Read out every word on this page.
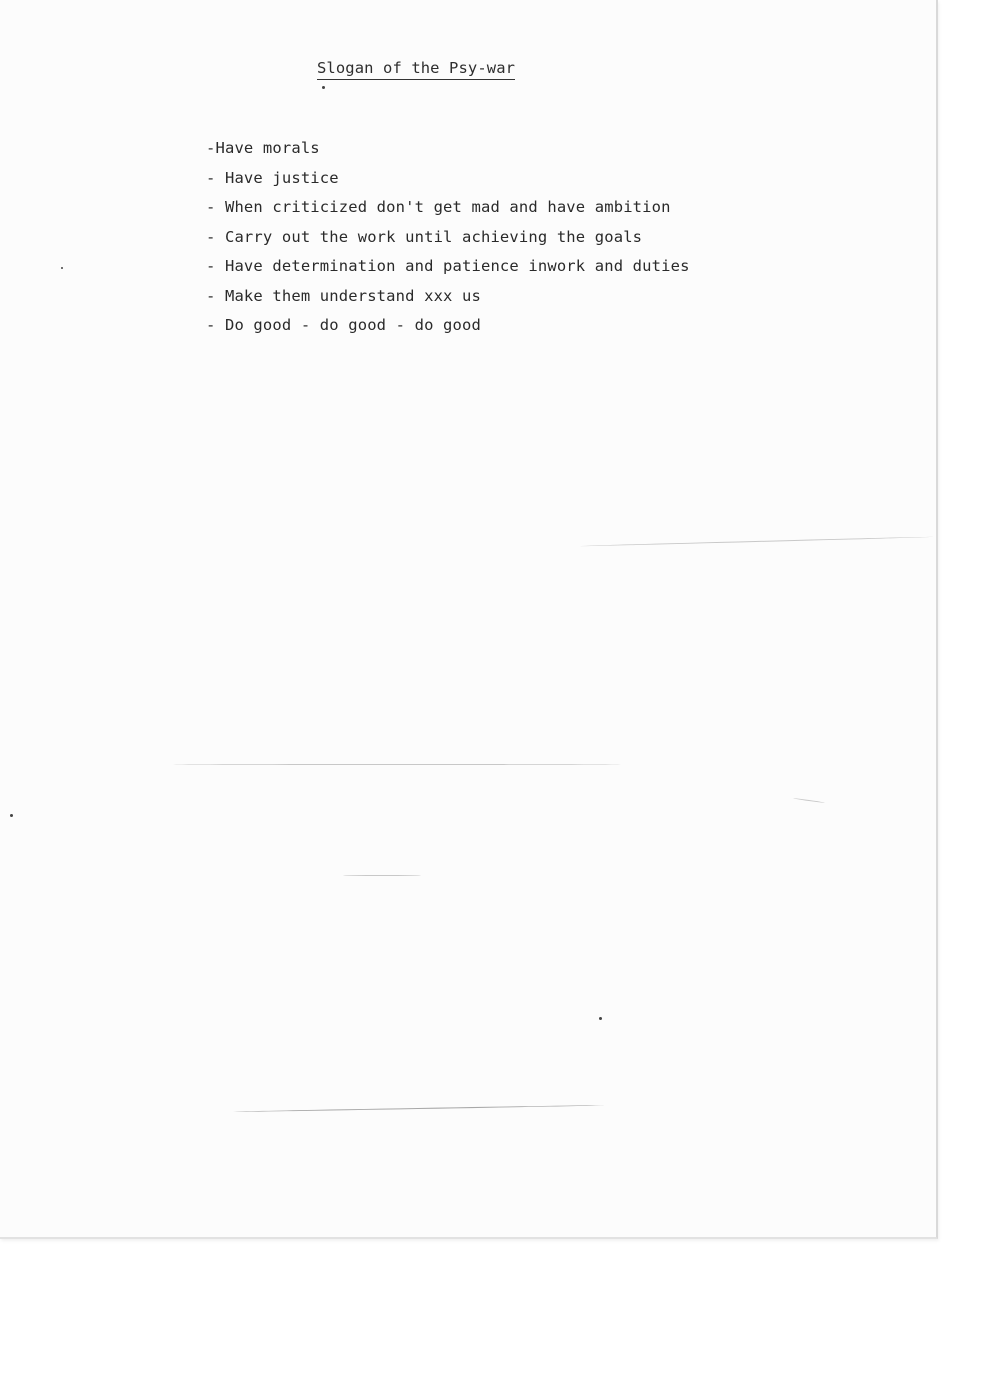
Slogan of the Psy-war
-Have morals
- Have justice
- When criticized don't get mad and have ambition
- Carry out the work until achieving the goals
- Have determination and patience inwork and duties
- Make them understand xxx us
- Do good - do good - do good
